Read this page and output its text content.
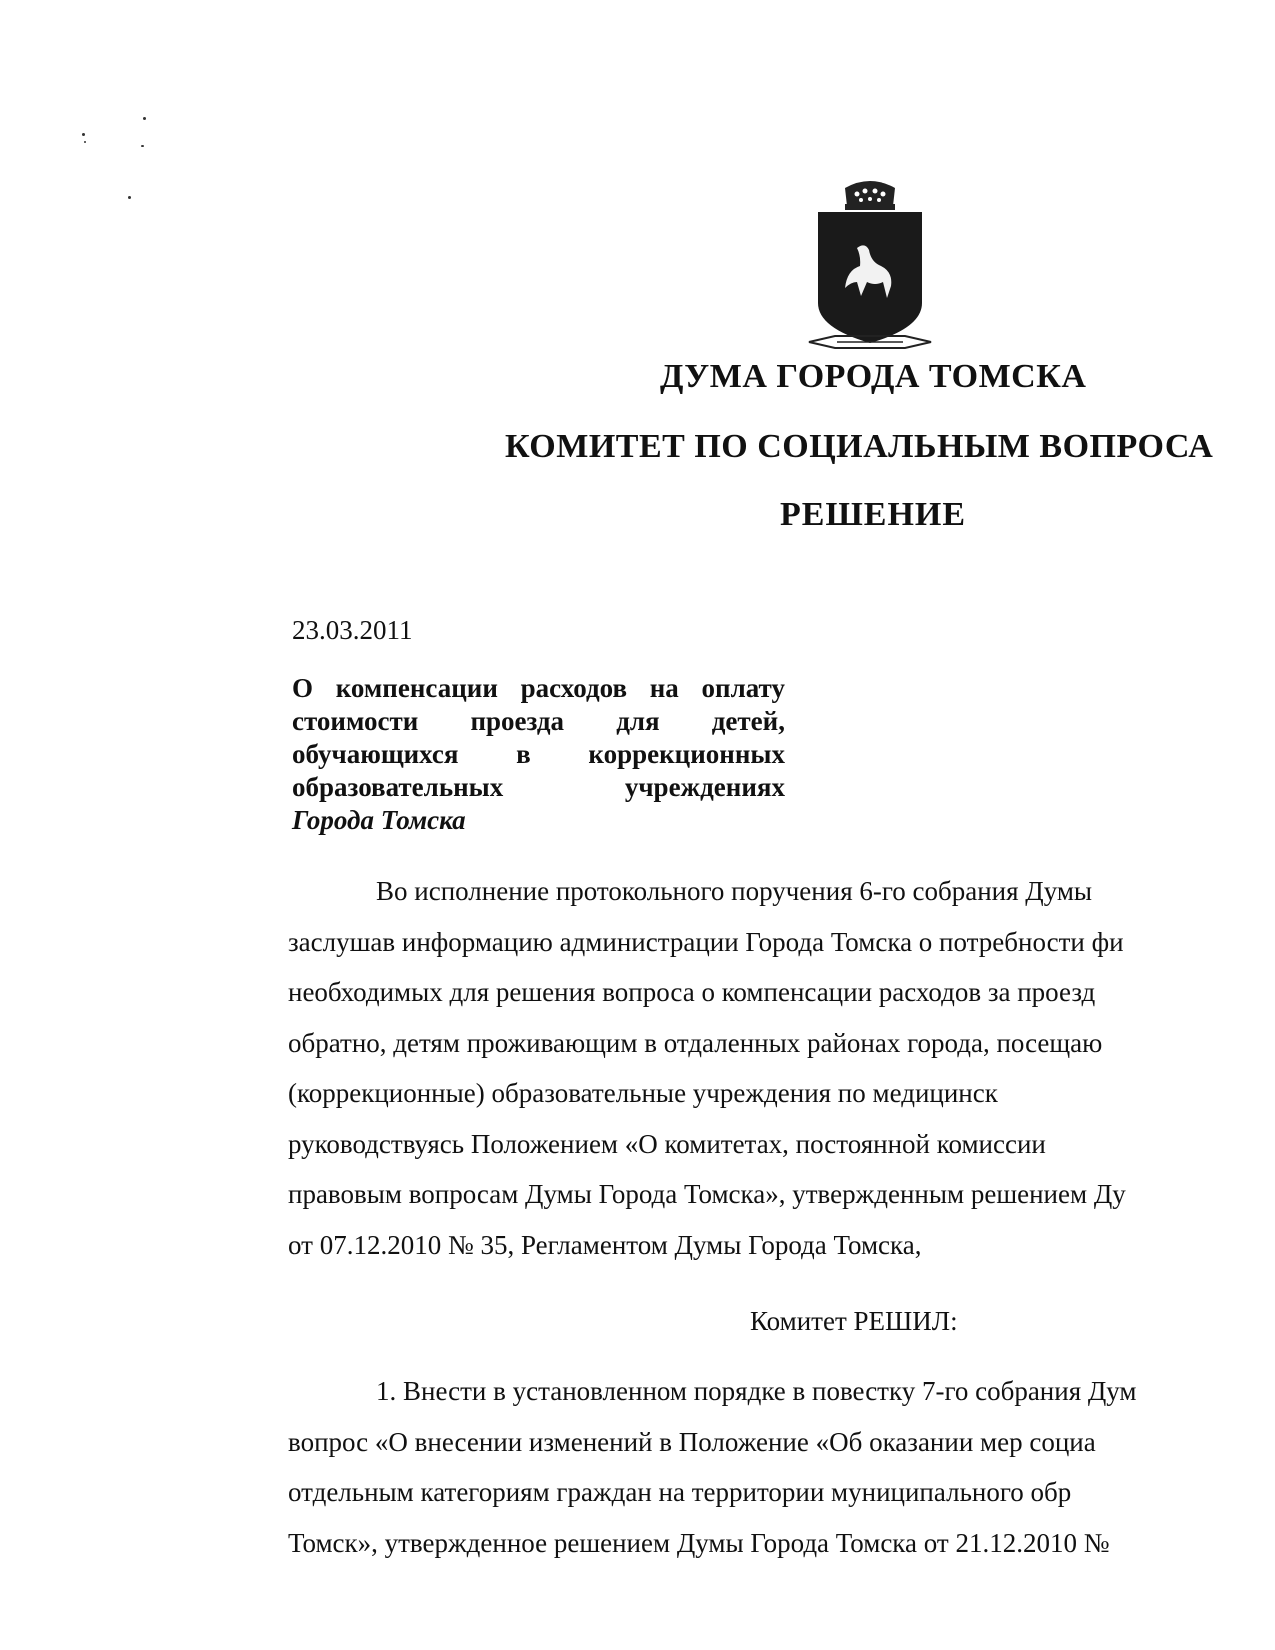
ДУМА ГОРОДА ТОМСКА
КОМИТЕТ ПО СОЦИАЛЬНЫМ ВОПРОСА
РЕШЕНИЕ
23.03.2011
О компенсации расходов на оплату
стоимости проезда для детей,
обучающихся в коррекционных
образовательных	учреждениях
Города Томска
Во исполнение протокольного поручения 6-го собрания Думы
заслушав информацию администрации Города Томска о потребности фи
необходимых для решения вопроса о компенсации расходов за проезд
обратно, детям проживающим в отдаленных районах города, посещаю
(коррекционные) образовательные учреждения по медицинск
руководствуясь Положением «О комитетах, постоянной комиссии
правовым вопросам Думы Города Томска», утвержденным решением Ду
от 07.12.2010 № 35, Регламентом Думы Города Томска,
Комитет РЕШИЛ:
1. Внести в установленном порядке в повестку 7-го собрания Дум
вопрос «О внесении изменений в Положение «Об оказании мер социа
отдельным категориям граждан на территории муниципального обр
Томск», утвержденное решением Думы Города Томска от 21.12.2010 №
